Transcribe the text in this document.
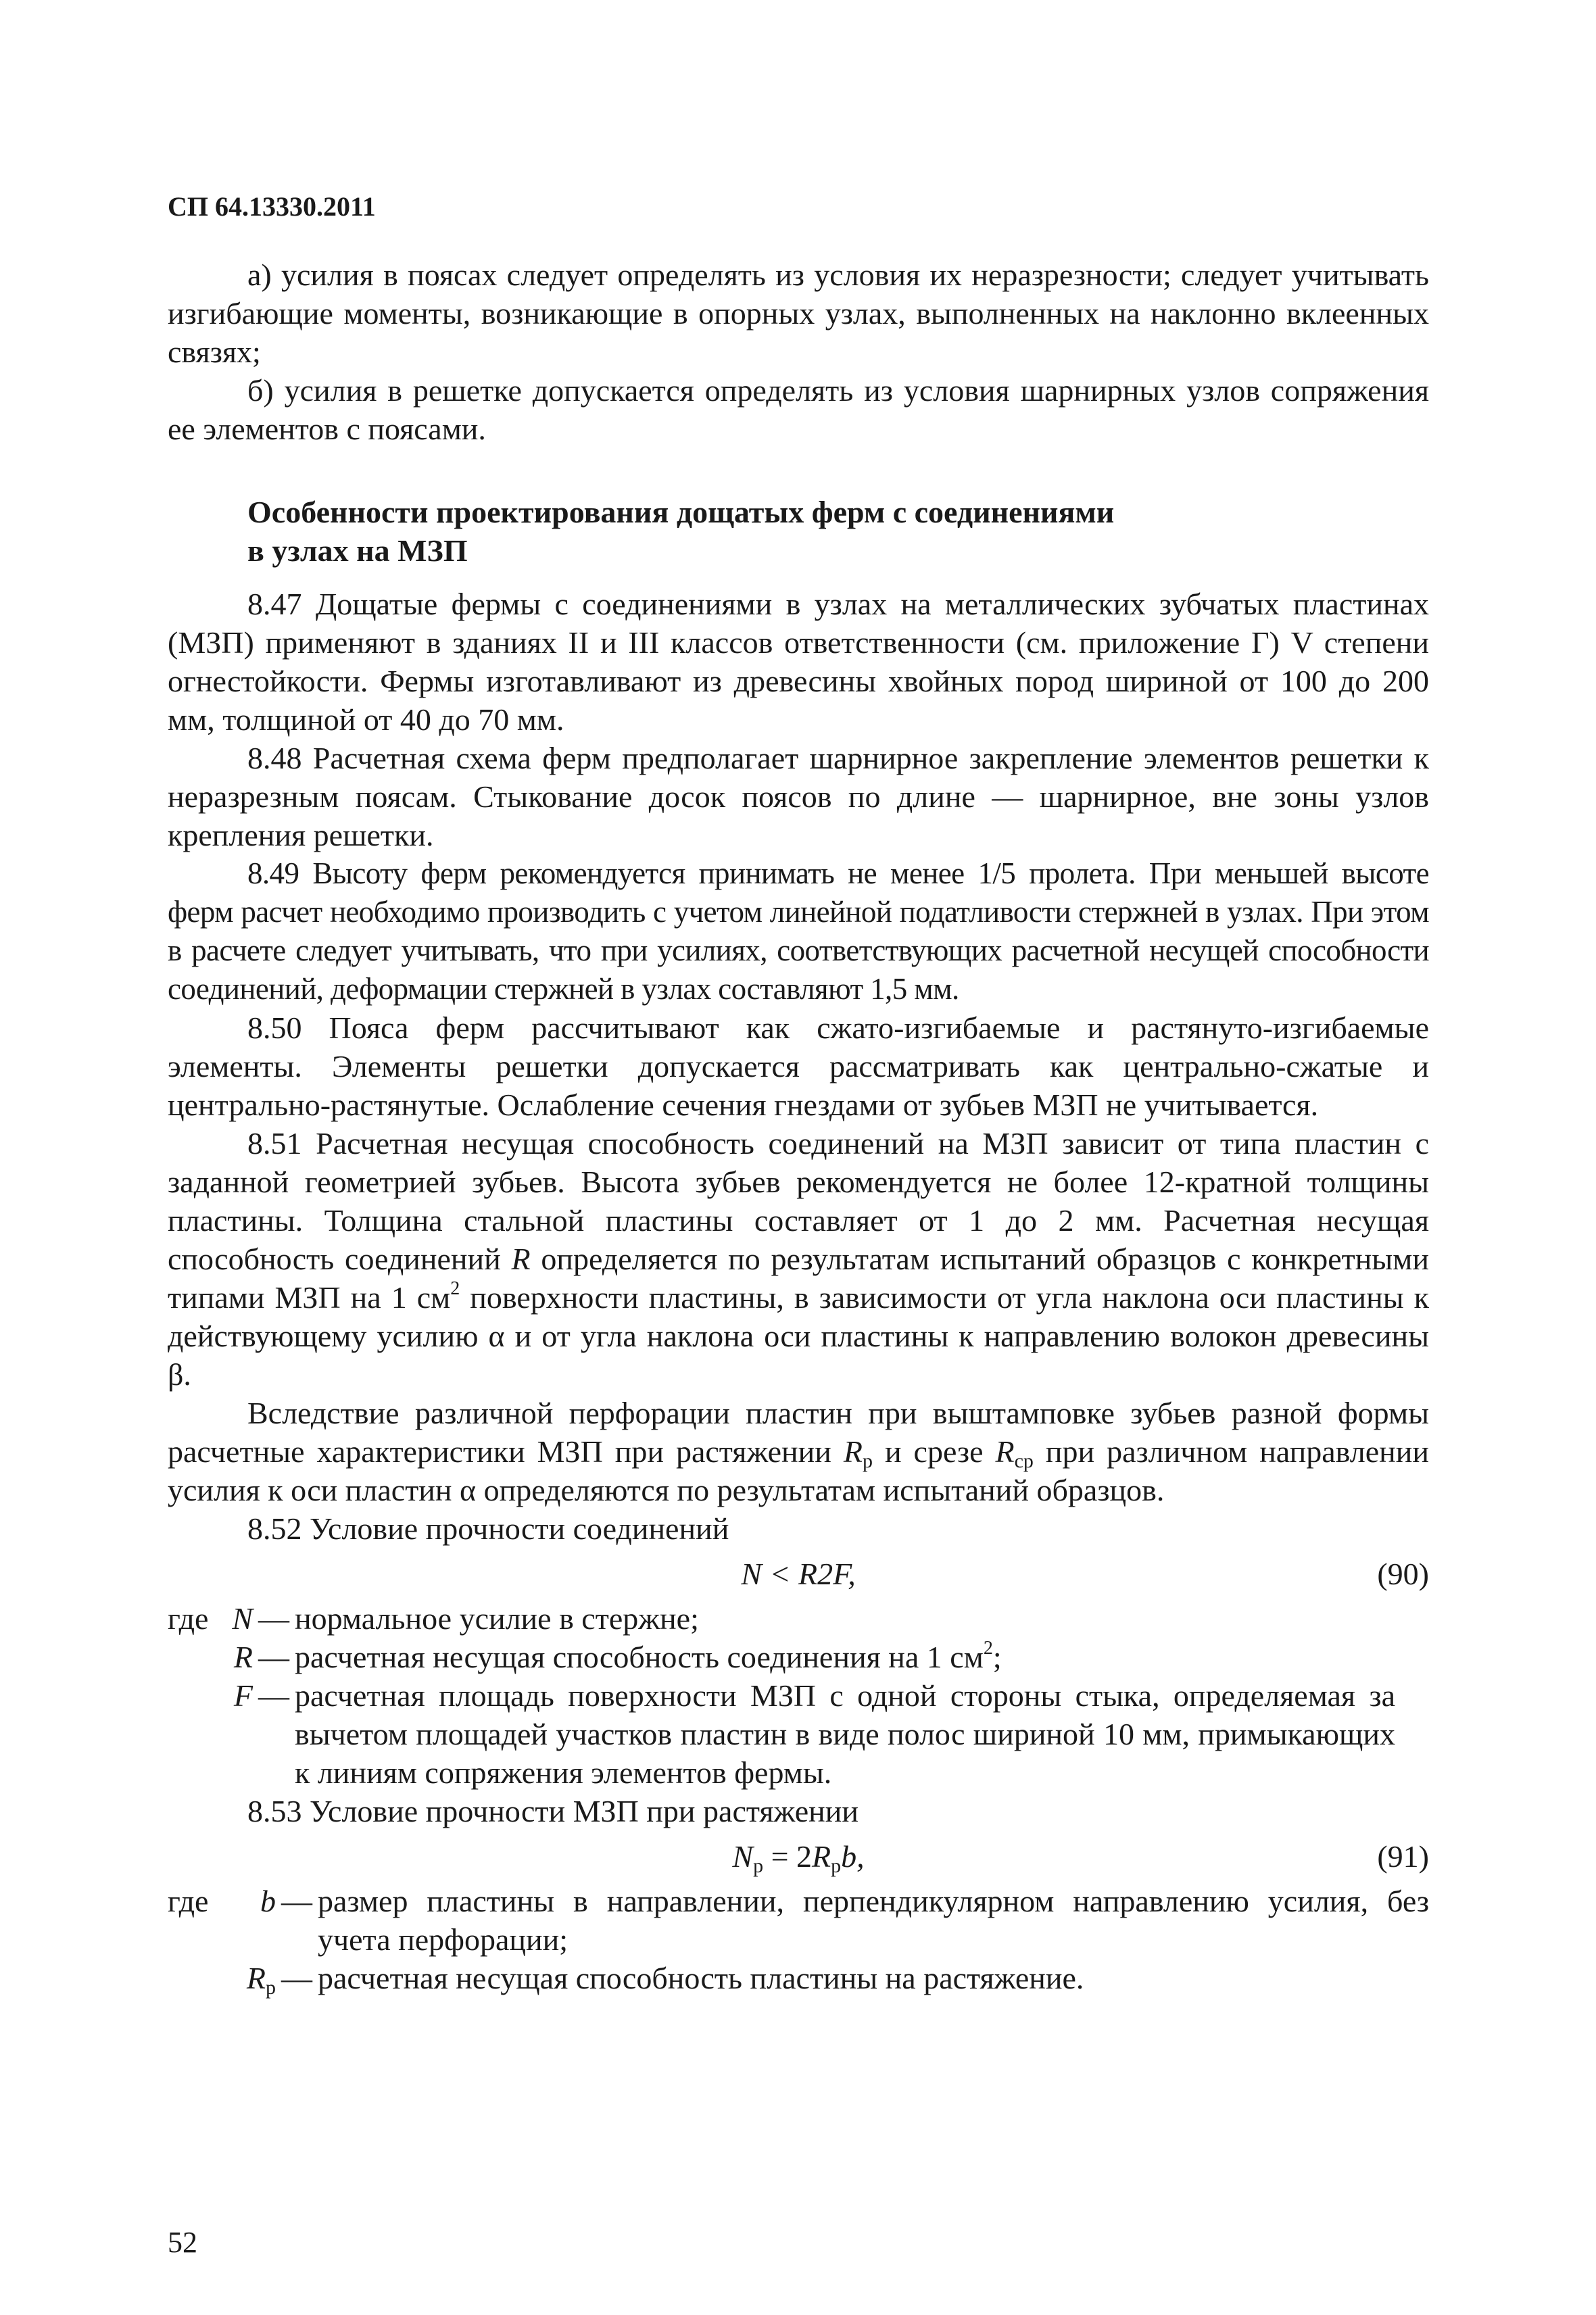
СП 64.13330.2011

а) усилия в поясах следует определять из условия их неразрезности; следует учитывать изгибающие моменты, возникающие в опорных узлах, выполненных на наклонно вклеенных связях;

б) усилия в решетке допускается определять из условия шарнирных узлов сопряжения ее элементов с поясами.

Особенности проектирования дощатых ферм с соединениями
в узлах на МЗП

8.47 Дощатые фермы с соединениями в узлах на металлических зубчатых пластинах (МЗП) применяют в зданиях II и III классов ответственности (см. приложение Г) V степени огнестойкости. Фермы изготавливают из древесины хвойных пород шириной от 100 до 200 мм, толщиной от 40 до 70 мм.

8.48 Расчетная схема ферм предполагает шарнирное закрепление элементов решетки к неразрезным поясам. Стыкование досок поясов по длине — шарнирное, вне зоны узлов крепления решетки.

8.49 Высоту ферм рекомендуется принимать не менее 1/5 пролета. При меньшей высоте ферм расчет необходимо производить с учетом линейной податливости стержней в узлах. При этом в расчете следует учитывать, что при усилиях, соответствующих расчетной несущей способности соединений, деформации стержней в узлах составляют 1,5 мм.

8.50 Пояса ферм рассчитывают как сжато-изгибаемые и растянуто-изгибаемые элементы. Элементы решетки допускается рассматривать как центрально-сжатые и центрально-растянутые. Ослабление сечения гнездами от зубьев МЗП не учитывается.

8.51 Расчетная несущая способность соединений на МЗП зависит от типа пластин с заданной геометрией зубьев. Высота зубьев рекомендуется не более 12-кратной толщины пластины. Толщина стальной пластины составляет от 1 до 2 мм. Расчетная несущая способность соединений R определяется по результатам испытаний образцов с конкретными типами МЗП на 1 $см^2$ поверхности пластины, в зависимости от угла наклона оси пластины к действующему усилию α и от угла наклона оси пластины к направлению волокон древесины β.

Вследствие различной перфорации пластин при выштамповке зубьев разной формы расчетные характеристики МЗП при растяжении $R_р$ и срезе $R_{ср}$ при различном направлении усилия к оси пластин α определяются по результатам испытаний образцов.

8.52 Условие прочности соединений

N < R2F,	(90)
где N — нормальное усилие в стержне;
R — расчетная несущая способность соединения на 1 $см^2$;
F — расчетная площадь поверхности МЗП с одной стороны стыка, определяемая за вычетом площадей участков пластин в виде полос шириной 10 мм, примыкающих к линиям сопряжения элементов фермы.

8.53 Условие прочности МЗП при растяжении

$N_р = 2R_рb$,	(91)
где	b — размер пластины в направлении, перпендикулярном направлению усилия, без учета перфорации;
$R_р$ — расчетная несущая способность пластины на растяжение.
52
